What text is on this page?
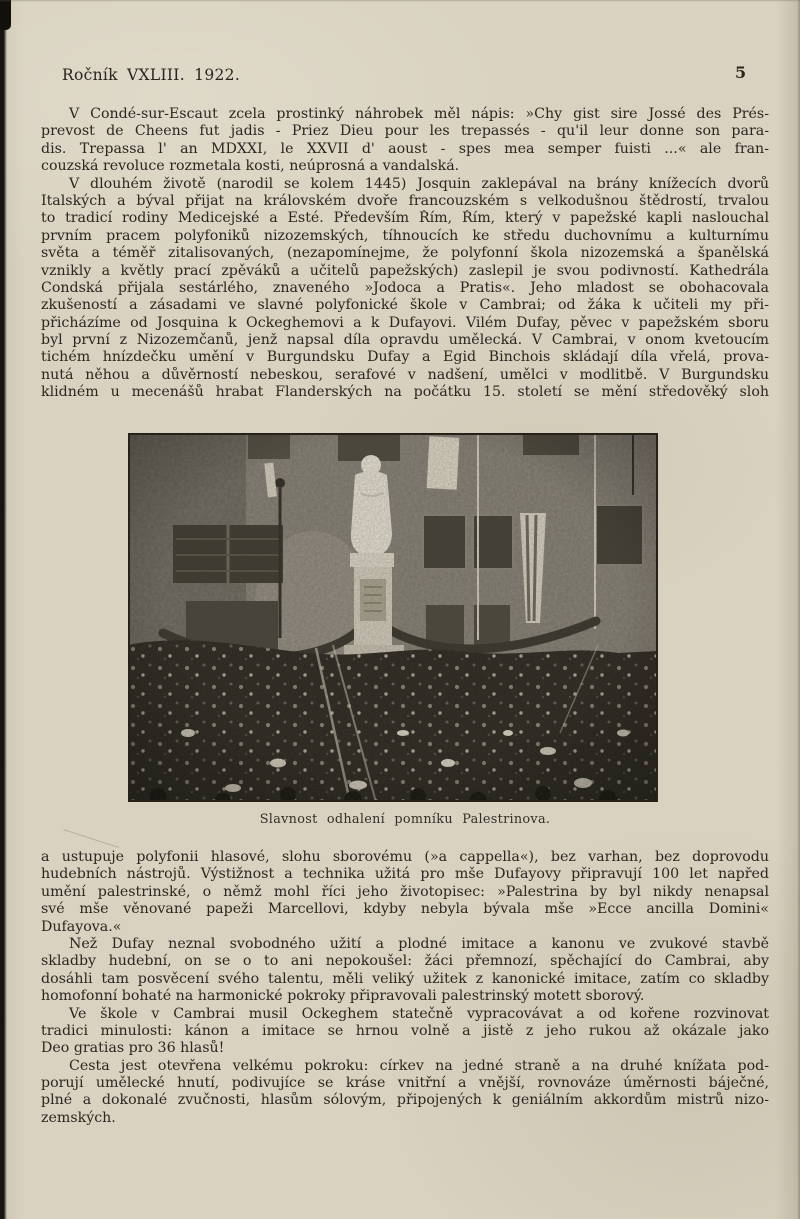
Ročník VXLIII. 1922.	5
V Condé-sur-Escaut zcela prostinký náhrobek měl nápis: »Chy gist sire Jossé des Prés-
prevost de Cheens fut jadis - Priez Dieu pour les trepassés - qu'il leur donne son para-
dis. Trepassa l' an MDXXI, le XXVII d' aoust - spes mea semper fuisti ...« ale fran-
couzská revoluce rozmetala kosti, neúprosná a vandalská.
V dlouhém životě (narodil se kolem 1445) Josquin zaklepával na brány knížecích dvorů
Italských a býval přijat na královském dvoře francouzském s velkodušnou štědrostí, trvalou
to tradicí rodiny Medicejské a Esté. Především Řím, Řím, který v papežské kapli naslouchal
prvním pracem polyfoniků nizozemských, tíhnoucích ke středu duchovnímu a kulturnímu
světa a téměř zitalisovaných, (nezapomínejme, že polyfonní škola nizozemská a španělská
vznikly a květly prací zpěváků a učitelů papežských) zaslepil je svou podivností. Kathedrála
Condská přijala sestárlého, znaveného »Jodoca a Pratis«. Jeho mladost se obohacovala
zkušeností a zásadami ve slavné polyfonické škole v Cambrai; od žáka k učiteli my při-
přicházíme od Josquina k Ockeghemovi a k Dufayovi. Vilém Dufay, pěvec v papežském sboru
byl první z Nizozemčanů, jenž napsal díla opravdu umělecká. V Cambrai, v onom kvetoucím
tichém hnízdečku umění v Burgundsku Dufay a Egid Binchois skládají díla vřelá, prova-
nutá něhou a důvěrností nebeskou, serafové v nadšení, umělci v modlitbě. V Burgundsku
klidném u mecenášů hrabat Flanderských na počátku 15. století se mění středověký sloh
Slavnost odhalení pomníku Palestrinova.
a ustupuje polyfonii hlasové, slohu sborovému (»a cappella«), bez varhan, bez doprovodu
hudebních nástrojů. Výstižnost a technika užitá pro mše Dufayovy připravují 100 let napřed
umění palestrinské, o němž mohl říci jeho životopisec: »Palestrina by byl nikdy nenapsal
své mše věnované papeži Marcellovi, kdyby nebyla bývala mše »Ecce ancilla Domini«
Dufayova.«
Než Dufay neznal svobodného užití a plodné imitace a kanonu ve zvukové stavbě
skladby hudební, on se o to ani nepokoušel: žáci přemnozí, spěchající do Cambrai, aby
dosáhli tam posvěcení svého talentu, měli veliký užitek z kanonické imitace, zatím co skladby
homofonní bohaté na harmonické pokroky připravovali palestrinský motett sborový.
Ve škole v Cambrai musil Ockeghem statečně vypracovávat a od kořene rozvinovat
tradici minulosti: kánon a imitace se hrnou volně a jistě z jeho rukou až okázale jako
Deo gratias pro 36 hlasů!
Cesta jest otevřena velkému pokroku: církev na jedné straně a na druhé knížata pod-
porují umělecké hnutí, podivujíce se kráse vnitřní a vnější, rovnováze úměrnosti báječné,
plné a dokonalé zvučnosti, hlasům sólovým, připojených k geniálním akkordům mistrů nizo-
zemských.
